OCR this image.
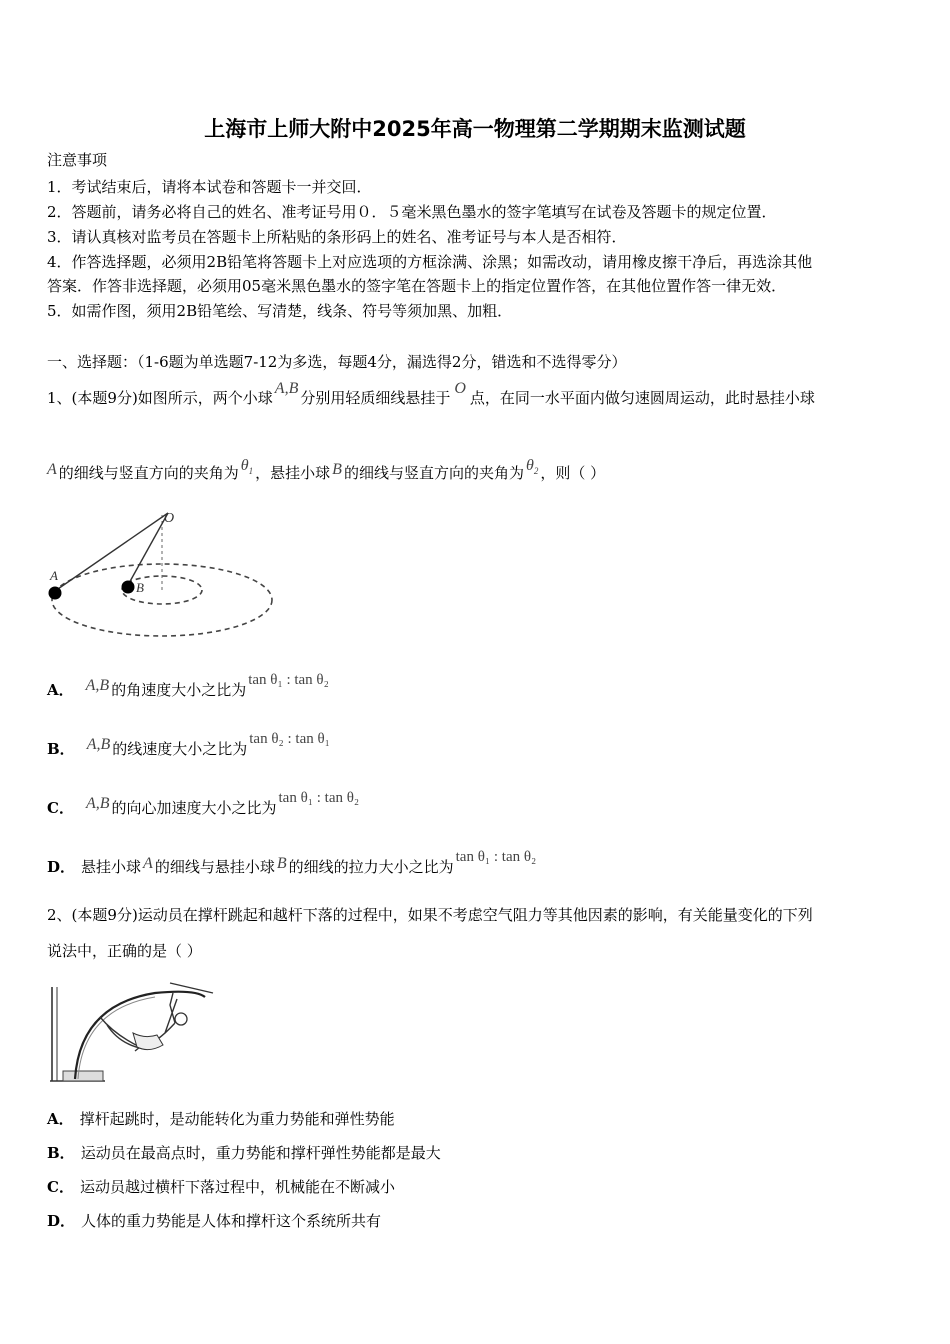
上海市上师大附中2025年高一物理第二学期期末监测试题
注意事项
1．考试结束后，请将本试卷和答题卡一并交回．
2．答题前，请务必将自己的姓名、准考证号用０．５毫米黑色墨水的签字笔填写在试卷及答题卡的规定位置．
3．请认真核对监考员在答题卡上所粘贴的条形码上的姓名、准考证号与本人是否相符．
4．作答选择题，必须用2B铅笔将答题卡上对应选项的方框涂满、涂黑；如需改动，请用橡皮擦干净后，再选涂其他
答案．作答非选择题，必须用05毫米黑色墨水的签字笔在答题卡上的指定位置作答，在其他位置作答一律无效．
5．如需作图，须用2B铅笔绘、写清楚，线条、符号等须加黑、加粗．
一、选择题：（1-6题为单选题7-12为多选，每题4分，漏选得2分，错选和不选得零分）
1、(本题9分)如图所示，两个小球A,B分别用轻质细线悬挂于O点，在同一水平面内做匀速圆周运动，此时悬挂小球
A 的细线与竖直方向的夹角为 $\theta_1$ ，悬挂小球 B 的细线与竖直方向的夹角为 $\theta_2$ ，则（ ）
O
A
B
A． A,B 的角速度大小之比为tan θ₁ : tan θ₂
B． A,B 的线速度大小之比为tan θ₂ : tan θ₁
C． A,B 的向心加速度大小之比为tan θ₁ : tan θ₂
D． 悬挂小球 A 的细线与悬挂小球 B 的细线的拉力大小之比为tan θ₁ : tan θ₂
2、(本题9分)运动员在撑杆跳起和越杆下落的过程中，如果不考虑空气阻力等其他因素的影响，有关能量变化的下列
说法中，正确的是（ ）
A． 撑杆起跳时，是动能转化为重力势能和弹性势能
B． 运动员在最高点时，重力势能和撑杆弹性势能都是最大
C． 运动员越过横杆下落过程中，机械能在不断减小
D． 人体的重力势能是人体和撑杆这个系统所共有
